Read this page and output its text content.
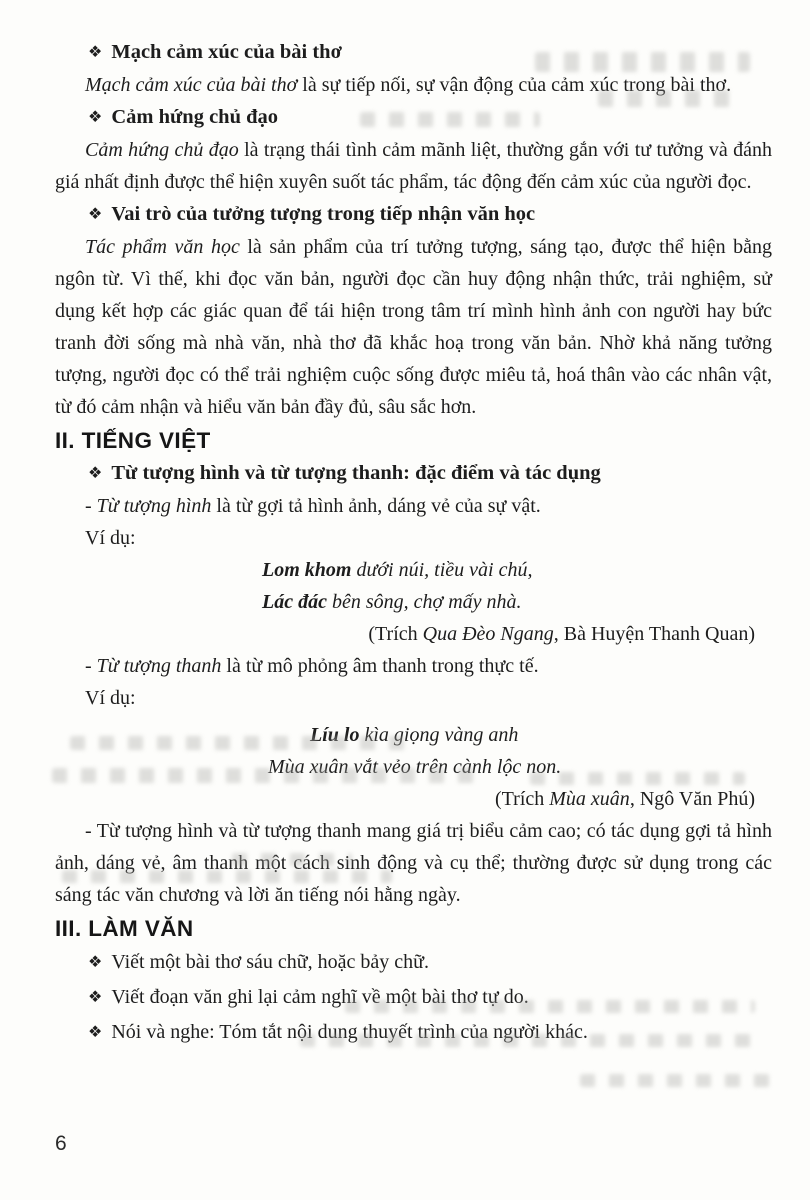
❖ Mạch cảm xúc của bài thơ

Mạch cảm xúc của bài thơ là sự tiếp nối, sự vận động của cảm xúc trong bài thơ.

❖ Cảm hứng chủ đạo

Cảm hứng chủ đạo là trạng thái tình cảm mãnh liệt, thường gắn với tư tưởng và đánh giá nhất định được thể hiện xuyên suốt tác phẩm, tác động đến cảm xúc của người đọc.

❖ Vai trò của tưởng tượng trong tiếp nhận văn học

Tác phẩm văn học là sản phẩm của trí tưởng tượng, sáng tạo, được thể hiện bằng ngôn từ. Vì thế, khi đọc văn bản, người đọc cần huy động nhận thức, trải nghiệm, sử dụng kết hợp các giác quan để tái hiện trong tâm trí mình hình ảnh con người hay bức tranh đời sống mà nhà văn, nhà thơ đã khắc hoạ trong văn bản. Nhờ khả năng tưởng tượng, người đọc có thể trải nghiệm cuộc sống được miêu tả, hoá thân vào các nhân vật, từ đó cảm nhận và hiểu văn bản đầy đủ, sâu sắc hơn.

II. TIẾNG VIỆT
❖ Từ tượng hình và từ tượng thanh: đặc điểm và tác dụng

- Từ tượng hình là từ gợi tả hình ảnh, dáng vẻ của sự vật.

Ví dụ:

Lom khom dưới núi, tiều vài chú,

Lác đác bên sông, chợ mấy nhà.

(Trích Qua Đèo Ngang, Bà Huyện Thanh Quan)

- Từ tượng thanh là từ mô phỏng âm thanh trong thực tế.

Ví dụ:

Líu lo kìa giọng vàng anh

Mùa xuân vắt vẻo trên cành lộc non.

(Trích Mùa xuân, Ngô Văn Phú)

- Từ tượng hình và từ tượng thanh mang giá trị biểu cảm cao; có tác dụng gợi tả hình ảnh, dáng vẻ, âm thanh một cách sinh động và cụ thể; thường được sử dụng trong các sáng tác văn chương và lời ăn tiếng nói hằng ngày.

III. LÀM VĂN

❖ Viết một bài thơ sáu chữ, hoặc bảy chữ.

❖ Viết đoạn văn ghi lại cảm nghĩ về một bài thơ tự do.

❖ Nói và nghe: Tóm tắt nội dung thuyết trình của người khác.

6
